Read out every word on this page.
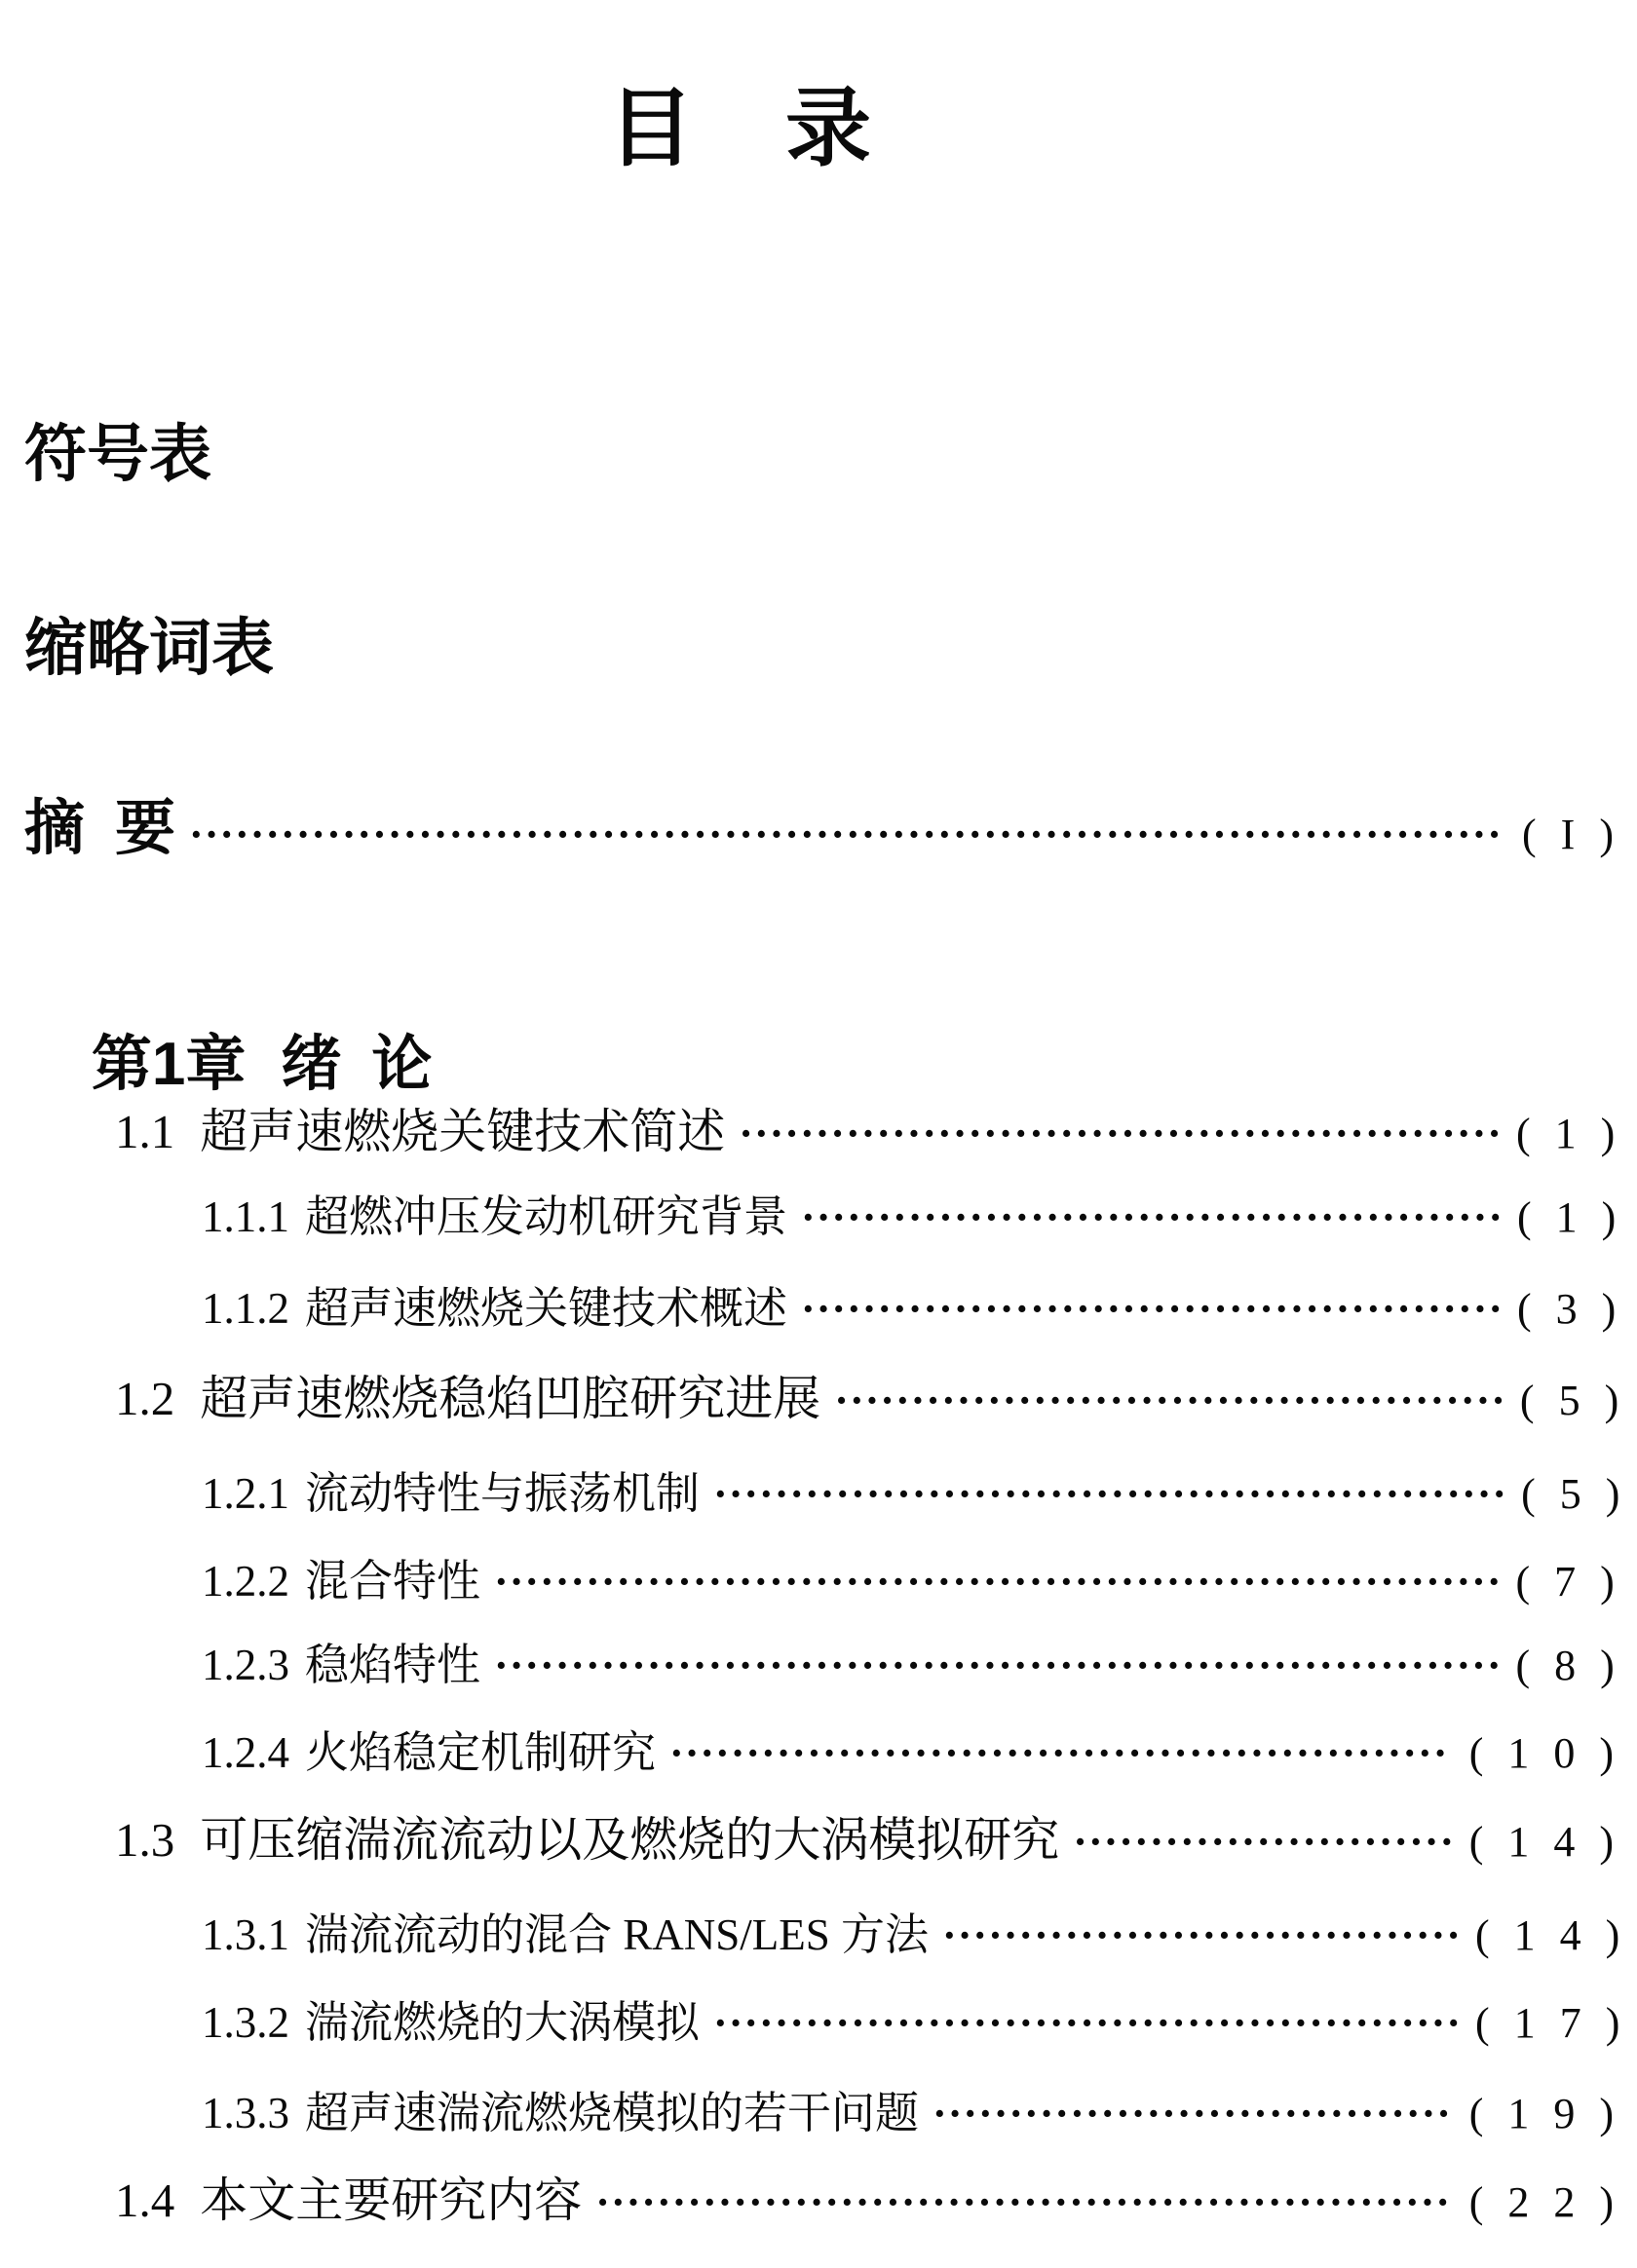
目  录
符号表
缩略词表
摘 要 ······················································································ ( I )

第1章 绪 论

1.1 超声速燃烧关键技术简述 ·················································· ( 1 )
1.1.1 超燃冲压发动机研究背景 ·············································· ( 1 )
1.1.2 超声速燃烧关键技术概述 ·············································· ( 3 )
1.2 超声速燃烧稳焰凹腔研究进展 ············································ ( 5 )
1.2.1 流动特性与振荡机制 ···················································· ( 5 )
1.2.2 混合特性 ·································································· ( 7 )
1.2.3 稳焰特性 ·································································· ( 8 )
1.2.4 火焰稳定机制研究 ··················································· ( 1 0 )
1.3 可压缩湍流流动以及燃烧的大涡模拟研究 ························· ( 1 4 )
1.3.1 湍流流动的混合 RANS/LES 方法 ·································· ( 1 4 )
1.3.2 湍流燃烧的大涡模拟 ················································· ( 1 7 )
1.3.3 超声速湍流燃烧模拟的若干问题 ·································· ( 1 9 )
1.4 本文主要研究内容 ························································ ( 2 2 )
